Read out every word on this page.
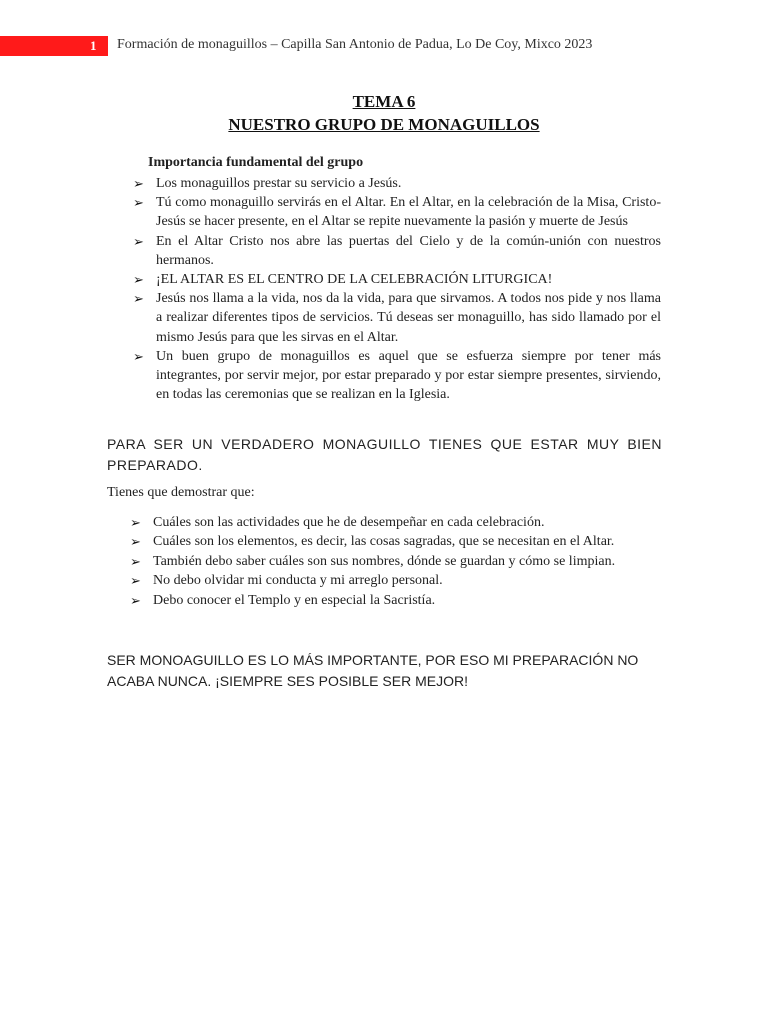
1 Formación de monaguillos – Capilla San Antonio de Padua, Lo De Coy, Mixco 2023
TEMA 6
NUESTRO GRUPO DE MONAGUILLOS
Importancia fundamental del grupo
➢ Los monaguillos prestar su servicio a Jesús.
➢ Tú como monaguillo servirás en el Altar. En el Altar, en la celebración de la Misa, Cristo-Jesús se hacer presente, en el Altar se repite nuevamente la pasión y muerte de Jesús
➢ En el Altar Cristo nos abre las puertas del Cielo y de la común-unión con nuestros hermanos.
➢ ¡EL ALTAR ES EL CENTRO DE LA CELEBRACIÓN LITURGICA!
➢ Jesús nos llama a la vida, nos da la vida, para que sirvamos. A todos nos pide y nos llama a realizar diferentes tipos de servicios. Tú deseas ser monaguillo, has sido llamado por el mismo Jesús para que les sirvas en el Altar.
➢ Un buen grupo de monaguillos es aquel que se esfuerza siempre por tener más integrantes, por servir mejor, por estar preparado y por estar siempre presentes, sirviendo, en todas las ceremonias que se realizan en la Iglesia.

PARA SER UN VERDADERO MONAGUILLO TIENES QUE ESTAR MUY BIEN PREPARADO.

Tienes que demostrar que:
➢ Cuáles son las actividades que he de desempeñar en cada celebración.
➢ Cuáles son los elementos, es decir, las cosas sagradas, que se necesitan en el Altar.
➢ También debo saber cuáles son sus nombres, dónde se guardan y cómo se limpian.
➢ No debo olvidar mi conducta y mi arreglo personal.
➢ Debo conocer el Templo y en especial la Sacristía.

SER MONOAGUILLO ES LO MÁS IMPORTANTE, POR ESO MI PREPARACIÓN NO ACABA NUNCA. ¡SIEMPRE SES POSIBLE SER MEJOR!
